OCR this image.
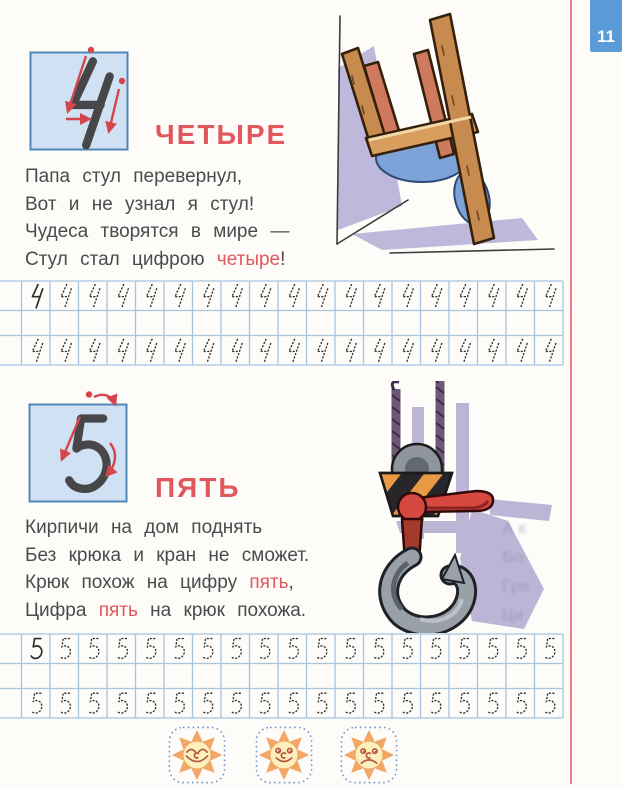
11
ЧЕТЫРЕ
Папа стул перевернул,
Вот и не узнал я стул!
Чудеса творятся в мире —
Стул стал цифрою четыре!
ПЯТЬ
Кирпичи на дом поднять
Без крюка и кран не сможет.
Крюк похож на цифру пять,
Цифра пять на крюк похожа.
А к
Бо
Гро
Ци
